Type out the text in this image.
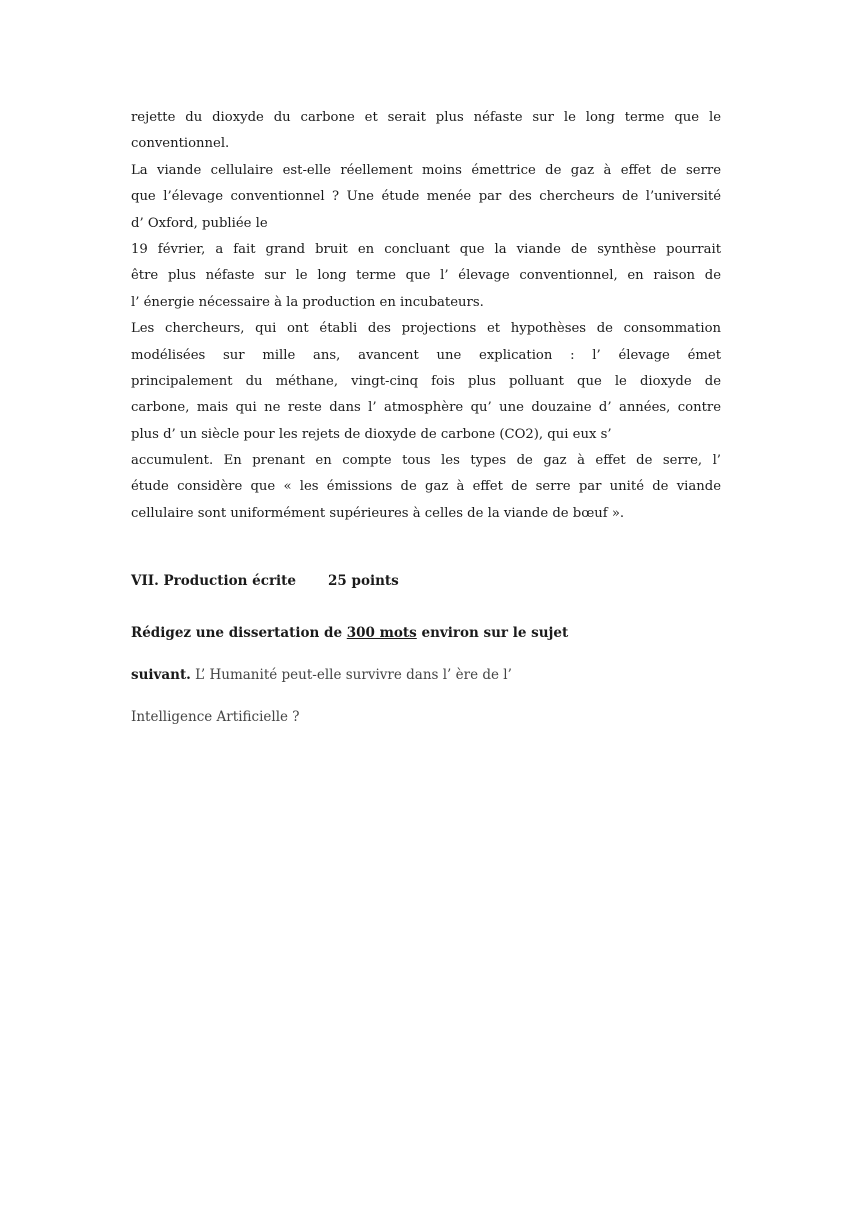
rejette du dioxyde du carbone et serait plus néfaste sur le long terme que le
conventionnel.
La viande cellulaire est-elle réellement moins émettrice de gaz à effet de serre
que l’élevage conventionnel ? Une étude menée par des chercheurs de l’université
d’ Oxford, publiée le
19 février, a fait grand bruit en concluant que la viande de synthèse pourrait
être plus néfaste sur le long terme que l’ élevage conventionnel, en raison de
l’ énergie nécessaire à la production en incubateurs.
Les chercheurs, qui ont établi des projections et hypothèses de consommation
modélisées sur mille ans, avancent une explication : l’ élevage émet
principalement du méthane, vingt-cinq fois plus polluant que le dioxyde de
carbone, mais qui ne reste dans l’ atmosphère qu’ une douzaine d’ années, contre
plus d’ un siècle pour les rejets de dioxyde de carbone (CO2), qui eux s’
accumulent. En prenant en compte tous les types de gaz à effet de serre, l’
étude considère que « les émissions de gaz à effet de serre par unité de viande
cellulaire sont uniformément supérieures à celles de la viande de bœuf ».
VII. Production écrite 25 points
Rédigez une dissertation de 300 mots environ sur le sujet
suivant. L’ Humanité peut-elle survivre dans l’ ère de l’
Intelligence Artificielle ?
